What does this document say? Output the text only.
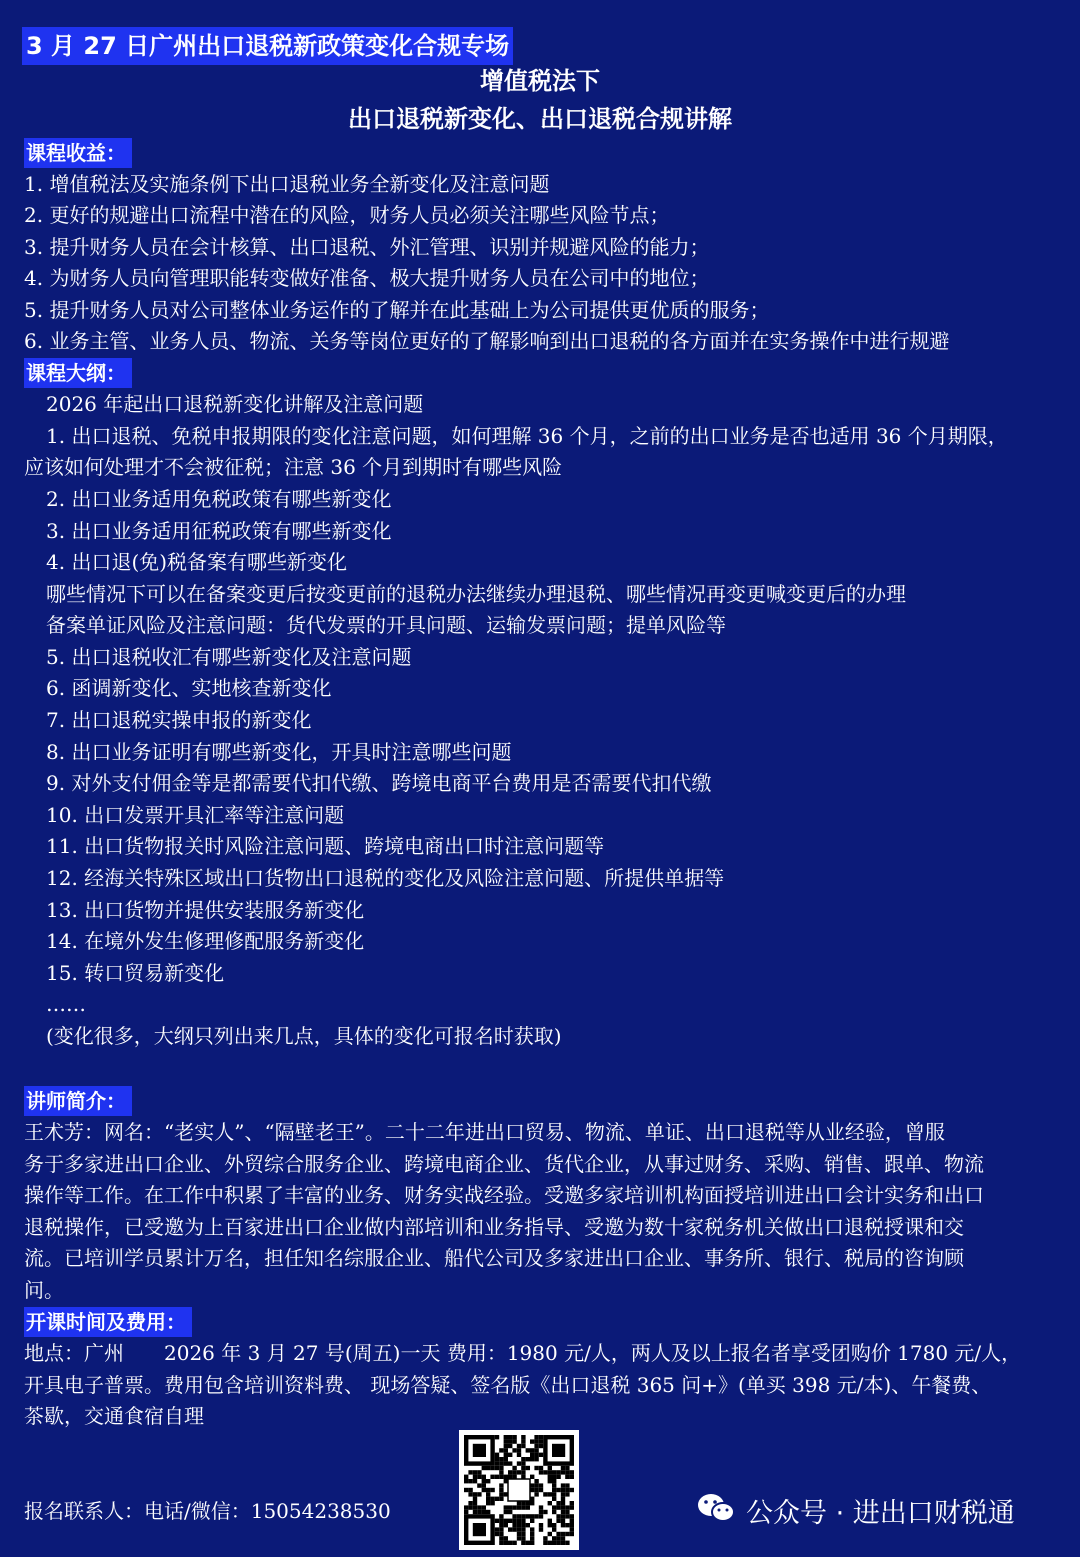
3 月 27 日广州出口退税新政策变化合规专场
增值税法下
出口退税新变化、出口退税合规讲解
课程收益：
1. 增值税法及实施条例下出口退税业务全新变化及注意问题
2. 更好的规避出口流程中潜在的风险，财务人员必须关注哪些风险节点；
3. 提升财务人员在会计核算、出口退税、外汇管理、识别并规避风险的能力；
4. 为财务人员向管理职能转变做好准备、极大提升财务人员在公司中的地位；
5. 提升财务人员对公司整体业务运作的了解并在此基础上为公司提供更优质的服务；
6. 业务主管、业务人员、物流、关务等岗位更好的了解影响到出口退税的各方面并在实务操作中进行规避
课程大纲：
2026 年起出口退税新变化讲解及注意问题
1. 出口退税、免税申报期限的变化注意问题，如何理解 36 个月，之前的出口业务是否也适用 36 个月期限，
应该如何处理才不会被征税；注意 36 个月到期时有哪些风险
2. 出口业务适用免税政策有哪些新变化
3. 出口业务适用征税政策有哪些新变化
4. 出口退(免)税备案有哪些新变化
哪些情况下可以在备案变更后按变更前的退税办法继续办理退税、哪些情况再变更喊变更后的办理
备案单证风险及注意问题：货代发票的开具问题、运输发票问题；提单风险等
5. 出口退税收汇有哪些新变化及注意问题
6. 函调新变化、实地核查新变化
7. 出口退税实操申报的新变化
8. 出口业务证明有哪些新变化，开具时注意哪些问题
9. 对外支付佣金等是都需要代扣代缴、跨境电商平台费用是否需要代扣代缴
10. 出口发票开具汇率等注意问题
11. 出口货物报关时风险注意问题、跨境电商出口时注意问题等
12. 经海关特殊区域出口货物出口退税的变化及风险注意问题、所提供单据等
13. 出口货物并提供安装服务新变化
14. 在境外发生修理修配服务新变化
15. 转口贸易新变化
……
(变化很多，大纲只列出来几点，具体的变化可报名时获取)
讲师简介：
王术芳：网名：“老实人”、“隔壁老王”。二十二年进出口贸易、物流、单证、出口退税等从业经验，曾服
务于多家进出口企业、外贸综合服务企业、跨境电商企业、货代企业，从事过财务、采购、销售、跟单、物流
操作等工作。在工作中积累了丰富的业务、财务实战经验。受邀多家培训机构面授培训进出口会计实务和出口
退税操作，已受邀为上百家进出口企业做内部培训和业务指导、受邀为数十家税务机关做出口退税授课和交
流。已培训学员累计万名，担任知名综服企业、船代公司及多家进出口企业、事务所、银行、税局的咨询顾
问。
开课时间及费用：
地点：广州　　2026 年 3 月 27 号(周五)一天 费用：1980 元/人，两人及以上报名者享受团购价 1780 元/人，
开具电子普票。费用包含培训资料费、 现场答疑、签名版《出口退税 365 问+》(单买 398 元/本)、午餐费、
茶歇，交通食宿自理
报名联系人：电话/微信：15054238530	公众号 · 进出口财税通
